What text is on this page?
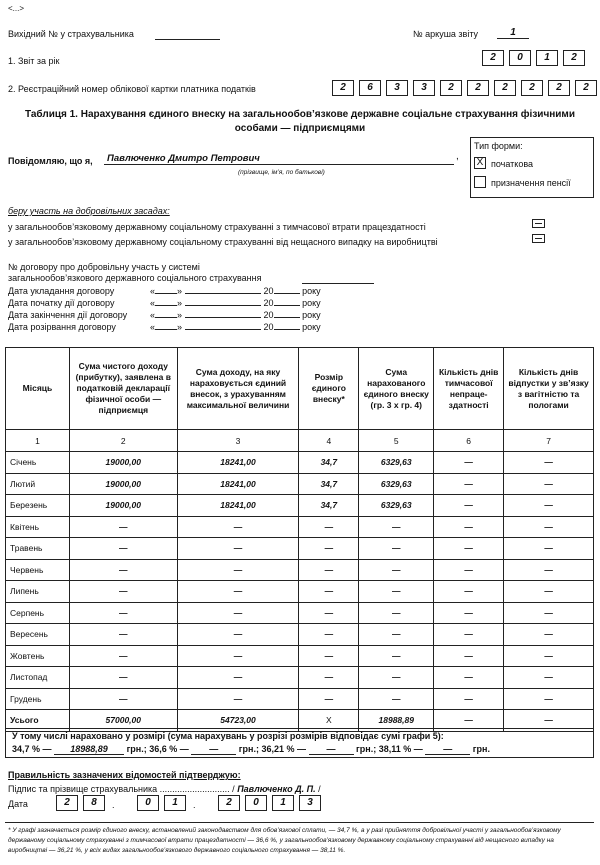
<...>
Вихідний № у страхувальника	№ аркуша звіту	1
1. Звіт за рік	2	0	1	2
2. Реєстраційний номер облікової картки платника податків	2	6	3	3	2	2	2	2	2	2
Таблиця 1. Нарахування єдиного внеску на загальнообов’язкове державне соціальне страхування фізичними особами — підприємцями
Повідомляю, що я,	Павлюченко Дмитро Петрович
(прізвище, ім’я, по батькові)
,
Тип форми:
X початкова
призначення пенсії
беру участь на добровільних засадах:
у загальнообов’язковому державному соціальному страхуванні з тимчасової втрати працездатності
у загальнообов’язковому державному соціальному страхуванні від нещасного випадку на виробництві
№ договору про добровільну участь у системі
загальнообов’язкового державного соціального страхування
Дата укладання договору
Дата початку дії договору
Дата закінчення дії договору
Дата розірвання договору
« »	20	року
« »	20	року
« »	20	року
« »	20	року
Місяць	Сума чистого доходу (прибутку), заявлена в податковій декларації фізичної особи — підприємця	Сума доходу, на яку нараховується єдиний внесок, з урахуванням максимальної величини	Розмір єдиного внеску*	Сума нарахованого єдиного внеску (гр. 3 х гр. 4)	Кількість днів тимчасової непраце-здатності	Кількість днів відпустки у зв’язку з вагітністю та пологами
1	2	3	4	5	6	7
Січень	19000,00	18241,00	34,7	6329,63	—	—
Лютий	19000,00	18241,00	34,7	6329,63	—	—
Березень	19000,00	18241,00	34,7	6329,63	—	—
Квітень	—	—	—	—	—	—
Травень	—	—	—	—	—	—
Червень	—	—	—	—	—	—
Липень	—	—	—	—	—	—
Серпень	—	—	—	—	—	—
Вересень	—	—	—	—	—	—
Жовтень	—	—	—	—	—	—
Листопад	—	—	—	—	—	—
Грудень	—	—	—	—	—	—
Усього	57000,00	54723,00	X	18988,89	—	—
У тому числі нараховано у розмірі (сума нарахувань у розрізі розмірів відповідає сумі графи 5):
34,7 % — 18988,89 грн.; 36,6 % — — грн.; 36,21 % — — грн.; 38,11 % — — грн.
Правильність зазначених відомостей підтверджую:
Підпис та прізвище страхувальника ............................ / Павлюченко Д. П. /
Дата	2	8	.	0	1	.	2	0	1	3
* У графі зазначається розмір єдиного внеску, встановлений законодавством для обов’язкової сплати, — 34,7 %, а у разі прийняття добровільної участі у загальнообов’язковому державному соціальному страхуванні з тимчасової втрати працездатності — 36,6 %, у загальнообов’язковому державному соціальному страхуванні від нещасного випадку на виробництві — 36,21 %, у всіх видах загальнообов’язкового державного соціального страхування — 38,11 %.
